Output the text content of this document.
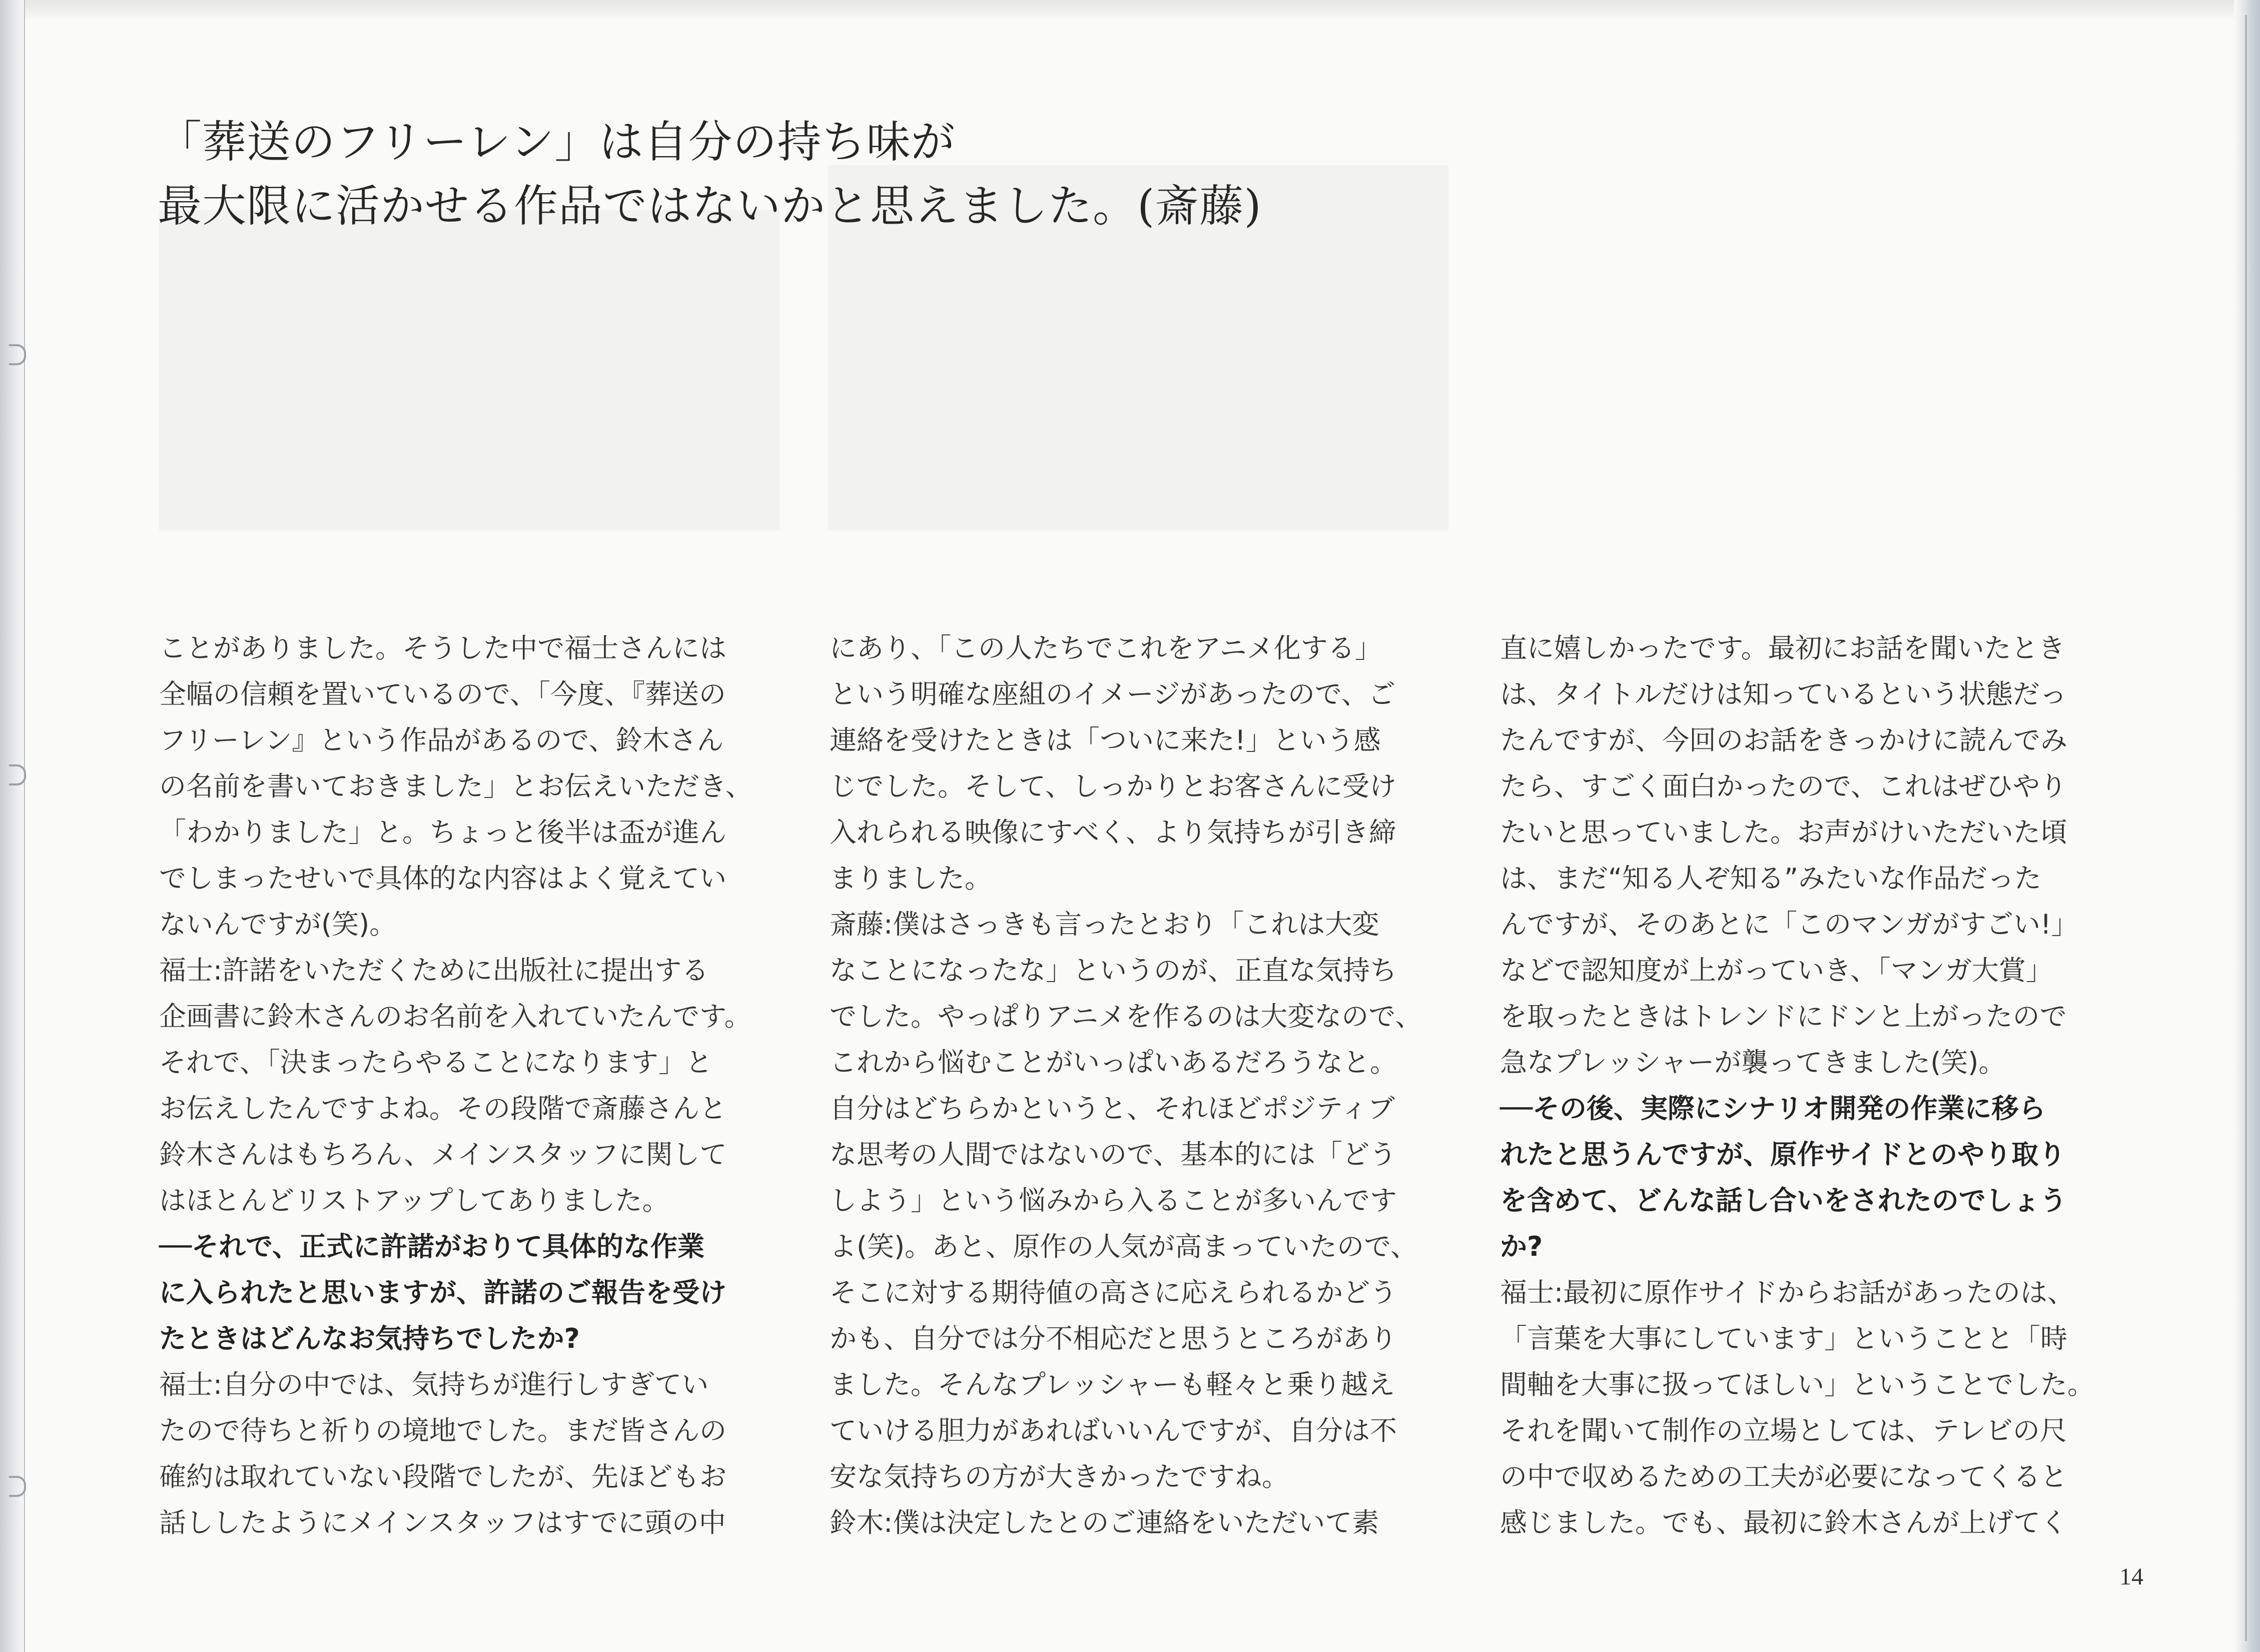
「葬送のフリーレン」は自分の持ち味が
最大限に活かせる作品ではないかと思えました。(斎藤)
ことがありました。そうした中で福士さんには
全幅の信頼を置いているので、「今度、『葬送の
フリーレン』という作品があるので、鈴木さん
の名前を書いておきました」とお伝えいただき、
「わかりました」と。ちょっと後半は盃が進ん
でしまったせいで具体的な内容はよく覚えてい
ないんですが(笑)。
福士:許諾をいただくために出版社に提出する
企画書に鈴木さんのお名前を入れていたんです。
それで、「決まったらやることになります」と
お伝えしたんですよね。その段階で斎藤さんと
鈴木さんはもちろん、メインスタッフに関して
はほとんどリストアップしてありました。
──それで、正式に許諾がおりて具体的な作業
に入られたと思いますが、許諾のご報告を受け
たときはどんなお気持ちでしたか?
福士:自分の中では、気持ちが進行しすぎてい
たので待ちと祈りの境地でした。まだ皆さんの
確約は取れていない段階でしたが、先ほどもお
話ししたようにメインスタッフはすでに頭の中
にあり、「この人たちでこれをアニメ化する」
という明確な座組のイメージがあったので、ご
連絡を受けたときは「ついに来た!」という感
じでした。そして、しっかりとお客さんに受け
入れられる映像にすべく、より気持ちが引き締
まりました。
斎藤:僕はさっきも言ったとおり「これは大変
なことになったな」というのが、正直な気持ち
でした。やっぱりアニメを作るのは大変なので、
これから悩むことがいっぱいあるだろうなと。
自分はどちらかというと、それほどポジティブ
な思考の人間ではないので、基本的には「どう
しよう」という悩みから入ることが多いんです
よ(笑)。あと、原作の人気が高まっていたので、
そこに対する期待値の高さに応えられるかどう
かも、自分では分不相応だと思うところがあり
ました。そんなプレッシャーも軽々と乗り越え
ていける胆力があればいいんですが、自分は不
安な気持ちの方が大きかったですね。
鈴木:僕は決定したとのご連絡をいただいて素
直に嬉しかったです。最初にお話を聞いたとき
は、タイトルだけは知っているという状態だっ
たんですが、今回のお話をきっかけに読んでみ
たら、すごく面白かったので、これはぜひやり
たいと思っていました。お声がけいただいた頃
は、まだ“知る人ぞ知る”みたいな作品だった
んですが、そのあとに「このマンガがすごい!」
などで認知度が上がっていき、「マンガ大賞」
を取ったときはトレンドにドンと上がったので
急なプレッシャーが襲ってきました(笑)。
──その後、実際にシナリオ開発の作業に移ら
れたと思うんですが、原作サイドとのやり取り
を含めて、どんな話し合いをされたのでしょう
か?
福士:最初に原作サイドからお話があったのは、
「言葉を大事にしています」ということと「時
間軸を大事に扱ってほしい」ということでした。
それを聞いて制作の立場としては、テレビの尺
の中で収めるための工夫が必要になってくると
感じました。でも、最初に鈴木さんが上げてく
14
